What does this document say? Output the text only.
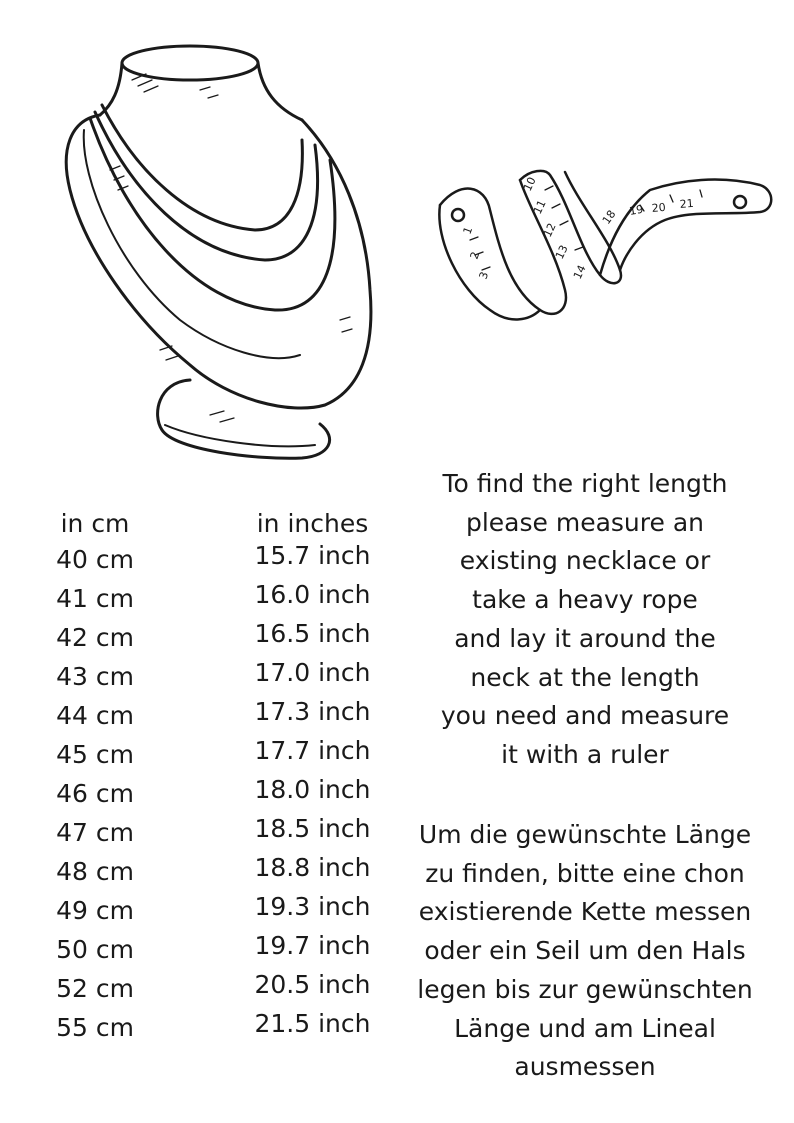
1
2
3
10
11
12
13
14
18 19 20 21
in cm
40 cm
41 cm
42 cm
43 cm
44 cm
45 cm
46 cm
47 cm
48 cm
49 cm
50 cm
52 cm
55 cm
in inches
15.7 inch
16.0 inch
16.5 inch
17.0 inch
17.3 inch
17.7 inch
18.0 inch
18.5 inch
18.8 inch
19.3 inch
19.7 inch
20.5 inch
21.5 inch
To find the right length
please measure an
existing necklace or
take a heavy rope
and lay it around the
neck at the length
you need and measure
it with a ruler
Um die gewünschte Länge
zu finden, bitte eine chon
existierende Kette messen
oder ein Seil um den Hals
legen bis zur gewünschten
Länge und am Lineal
ausmessen
